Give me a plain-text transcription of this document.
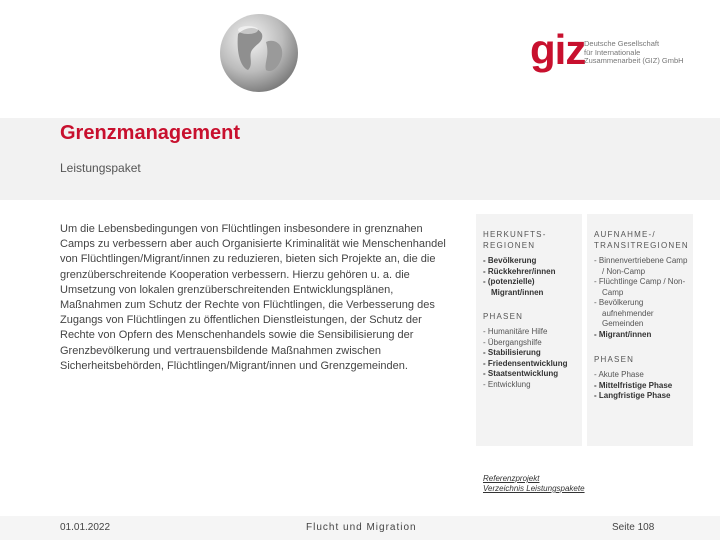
giz
Deutsche Gesellschaft
für Internationale
Zusammenarbeit (GIZ) GmbH
Grenzmanagement
Leistungspaket
Um die Lebensbedingungen von Flüchtlingen insbesondere in grenznahen Camps zu verbessern aber auch Organisierte Kriminalität wie Menschenhandel von Flüchtlingen/Migrant/innen zu reduzieren, bieten sich Projekte an, die die grenzüberschreitende Kooperation verbessern. Hierzu gehören u. a. die Umsetzung von lokalen grenzüberschreitenden Entwicklungsplänen, Maßnahmen zum Schutz der Rechte von Flüchtlingen, die Verbesserung des Zugangs von Flüchtlingen zu öffentlichen Dienstleistungen, der Schutz der Rechte von Opfern des Menschenhandels sowie die Sensibilisierung der Grenzbevölkerung und vertrauensbildende Maßnahmen zwischen Sicherheitsbehörden, Flüchtlingen/Migrant/innen und Grenzgemeinden.
HERKUNFTS-
REGIONEN
- Bevölkerung
- Rückkehrer/innen
- (potenzielle) Migrant/innen
PHASEN
- Humanitäre Hilfe
- Übergangshilfe
- Stabilisierung
- Friedensentwicklung
- Staatsentwicklung
- Entwicklung
AUFNAHME-/
TRANSITREGIONEN
- Binnenvertriebene Camp / Non-Camp
- Flüchtlinge Camp / Non-Camp
- Bevölkerung aufnehmender Gemeinden
- Migrant/innen
PHASEN
- Akute Phase
- Mittelfristige Phase
- Langfristige Phase
Referenzprojekt
Verzeichnis Leistungspakete
01.01.2022	Flucht und Migration	Seite 108
